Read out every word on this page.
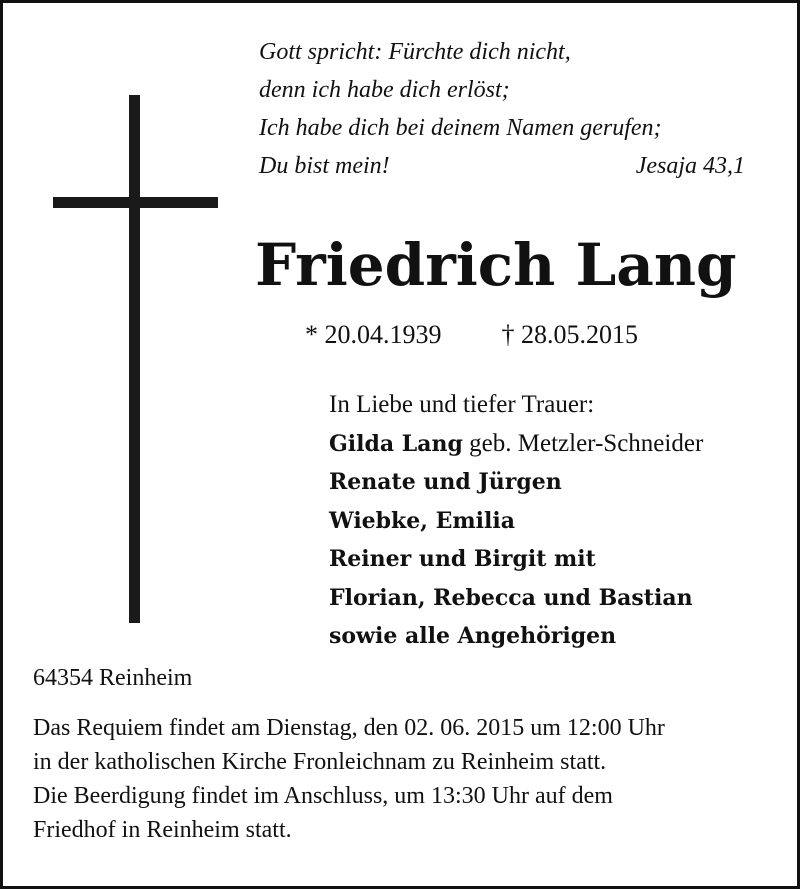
Gott spricht: Fürchte dich nicht,
denn ich habe dich erlöst;
Ich habe dich bei deinem Namen gerufen;
Du bist mein!	Jesaja 43,1
Friedrich Lang
* 20.04.1939 † 28.05.2015
In Liebe und tiefer Trauer:
Gilda Lang geb. Metzler-Schneider
Renate und Jürgen
Wiebke, Emilia
Reiner und Birgit mit
Florian, Rebecca und Bastian
sowie alle Angehörigen
64354 Reinheim
Das Requiem findet am Dienstag, den 02. 06. 2015 um 12:00 Uhr
in der katholischen Kirche Fronleichnam zu Reinheim statt.
Die Beerdigung findet im Anschluss, um 13:30 Uhr auf dem
Friedhof in Reinheim statt.
